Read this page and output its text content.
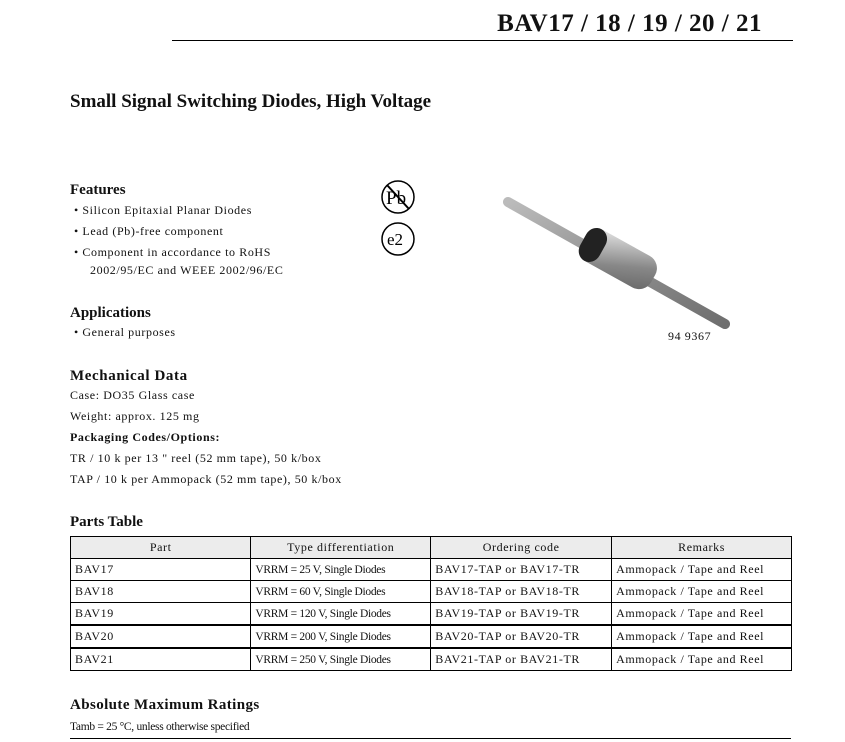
BAV17 / 18 / 19 / 20 / 21
Small Signal Switching Diodes, High Voltage
Features
• Silicon Epitaxial Planar Diodes
• Lead (Pb)-free component
• Component in accordance to RoHS
2002/95/EC and WEEE 2002/96/EC
Pb
e2
94 9367
Applications
• General purposes
Mechanical Data
Case: DO35 Glass case
Weight: approx. 125 mg
Packaging Codes/Options:
TR / 10 k per 13 " reel (52 mm tape), 50 k/box
TAP / 10 k per Ammopack (52 mm tape), 50 k/box
Parts Table
Part	Type differentiation	Ordering code	Remarks
BAV17	VRRM = 25 V, Single Diodes	BAV17-TAP or BAV17-TR	Ammopack / Tape and Reel
BAV18	VRRM = 60 V, Single Diodes	BAV18-TAP or BAV18-TR	Ammopack / Tape and Reel
BAV19	VRRM = 120 V, Single Diodes	BAV19-TAP or BAV19-TR	Ammopack / Tape and Reel
BAV20	VRRM = 200 V, Single Diodes	BAV20-TAP or BAV20-TR	Ammopack / Tape and Reel
BAV21	VRRM = 250 V, Single Diodes	BAV21-TAP or BAV21-TR	Ammopack / Tape and Reel
Absolute Maximum Ratings
Tamb = 25 °C, unless otherwise specified
